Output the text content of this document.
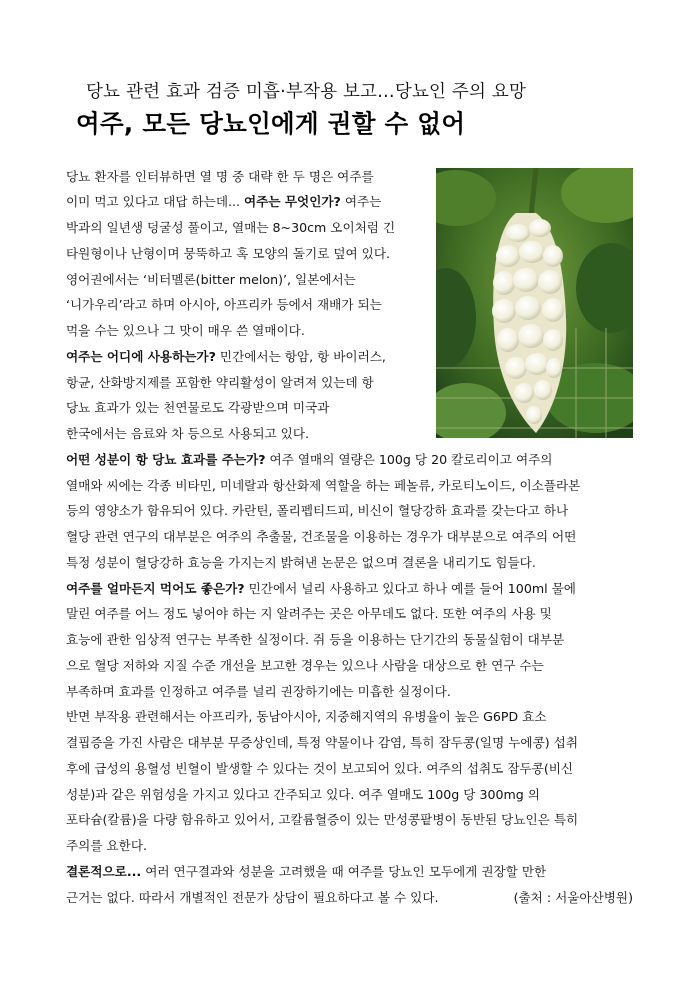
당뇨 관련 효과 검증 미흡·부작용 보고…당뇨인 주의 요망
여주, 모든 당뇨인에게 권할 수 없어
당뇨 환자를 인터뷰하면 열 명 중 대략 한 두 명은 여주를
이미 먹고 있다고 대답 하는데... 여주는 무엇인가? 여주는
박과의 일년생 덩굴성 풀이고, 열매는 8~30cm 오이처럼 긴
타원형이나 난형이며 뭉뚝하고 혹 모양의 돌기로 덮여 있다.
영어권에서는 ‘비터멜론(bitter melon)’, 일본에서는
‘니가우리’라고 하며 아시아, 아프리카 등에서 재배가 되는
먹을 수는 있으나 그 맛이 매우 쓴 열매이다.
여주는 어디에 사용하는가? 민간에서는 항암, 항 바이러스,
항균, 산화방지제를 포함한 약리활성이 알려져 있는데 항
당뇨 효과가 있는 천연물로도 각광받으며 미국과
한국에서는 음료와 차 등으로 사용되고 있다.
어떤 성분이 항 당뇨 효과를 주는가? 여주 열매의 열량은 100g 당 20 칼로리이고 여주의
열매와 씨에는 각종 비타민, 미네랄과 항산화제 역할을 하는 페놀류, 카로티노이드, 이소플라본
등의 영양소가 함유되어 있다. 카란틴, 폴리펩티드피, 비신이 혈당강하 효과를 갖는다고 하나
혈당 관련 연구의 대부분은 여주의 추출물, 건조물을 이용하는 경우가 대부분으로 여주의 어떤
특정 성분이 혈당강하 효능을 가지는지 밝혀낸 논문은 없으며 결론을 내리기도 힘들다.
여주를 얼마든지 먹어도 좋은가? 민간에서 널리 사용하고 있다고 하나 예를 들어 100ml 물에
말린 여주를 어느 정도 넣어야 하는 지 알려주는 곳은 아무데도 없다. 또한 여주의 사용 및
효능에 관한 임상적 연구는 부족한 실정이다. 쥐 등을 이용하는 단기간의 동물실험이 대부분
으로 혈당 저하와 지질 수준 개선을 보고한 경우는 있으나 사람을 대상으로 한 연구 수는
부족하며 효과를 인정하고 여주를 널리 권장하기에는 미흡한 실정이다.
반면 부작용 관련해서는 아프리카, 동남아시아, 지중해지역의 유병율이 높은 G6PD 효소
결핍증을 가진 사람은 대부분 무증상인데, 특정 약물이나 감염, 특히 잠두콩(일명 누에콩) 섭취
후에 급성의 용혈성 빈혈이 발생할 수 있다는 것이 보고되어 있다. 여주의 섭취도 잠두콩(비신
성분)과 같은 위험성을 가지고 있다고 간주되고 있다. 여주 열매도 100g 당 300mg 의
포타슘(칼륨)을 다량 함유하고 있어서, 고칼륨혈증이 있는 만성콩팥병이 동반된 당뇨인은 특히
주의를 요한다.
결론적으로... 여러 연구결과와 성분을 고려했을 때 여주를 당뇨인 모두에게 권장할 만한
근거는 없다. 따라서 개별적인 전문가 상담이 필요하다고 볼 수 있다.	(출처 : 서울아산병원)
